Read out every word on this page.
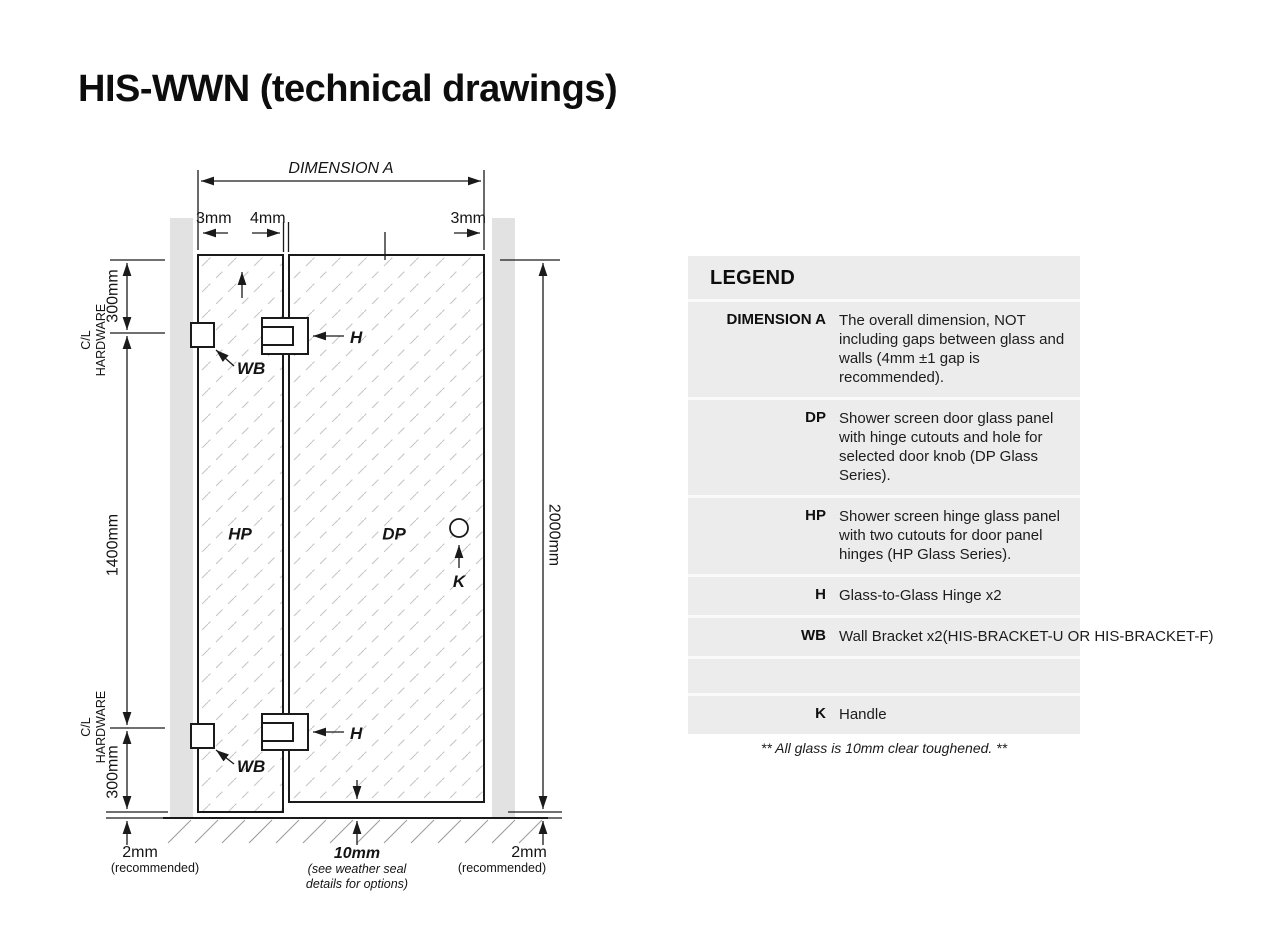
HIS-WWN (technical drawings)
DIMENSION A
3mm 4mm	3mm
300mm
C/L HARDWARE
1400mm
C/L HARDWARE
300mm
2000mm
WB
WB
H
H
HP	DP
K
2mm
(recommended)
10mm
(see weather seal
details for options)
2mm
(recommended)
LEGEND
DIMENSION A The overall dimension, NOT including gaps between glass and walls (4mm ±1 gap is recommended).
DP Shower screen door glass panel with hinge cutouts and hole for selected door knob (DP Glass Series).
HP Shower screen hinge glass panel with two cutouts for door panel hinges (HP Glass Series).
H Glass-to-Glass Hinge x2
WB Wall Bracket x2(HIS-BRACKET-U OR HIS-BRACKET-F)
K Handle
** All glass is 10mm clear toughened. **
